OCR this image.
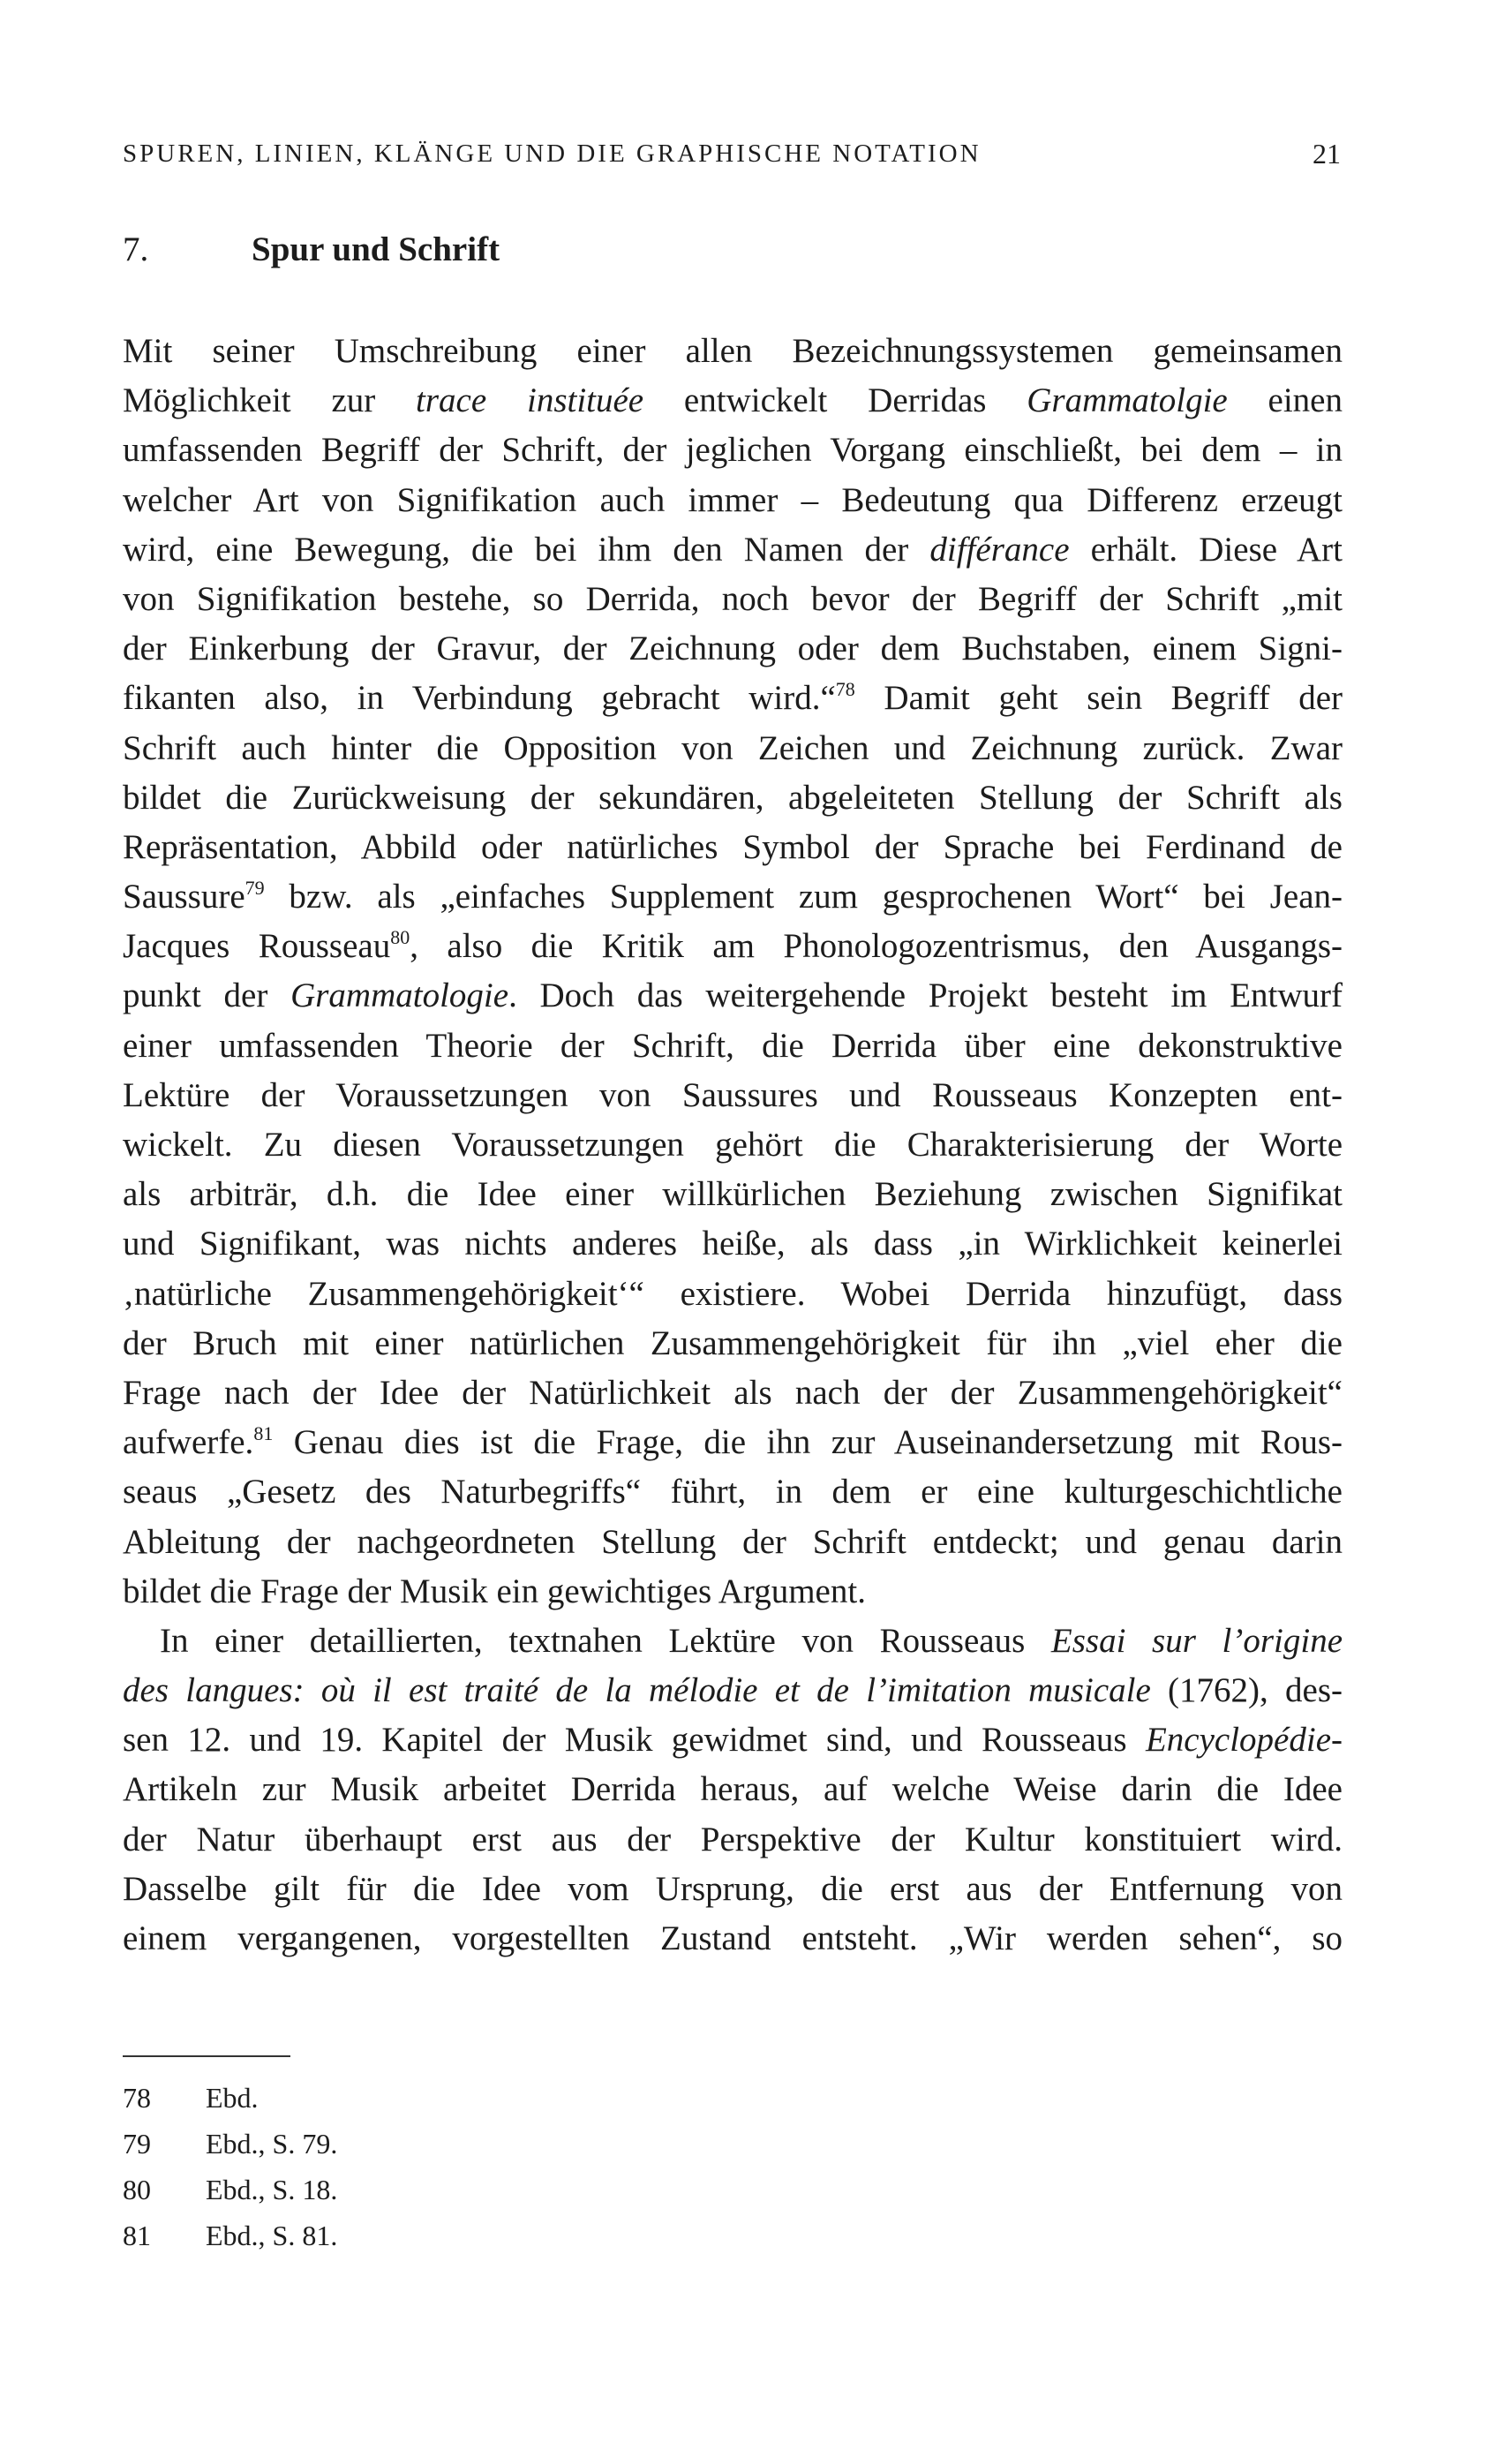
SPUREN, LINIEN, KLÄNGE UND DIE GRAPHISCHE NOTATION	21
7.	Spur und Schrift
Mit seiner Umschreibung einer allen Bezeichnungssystemen gemeinsamen
Möglichkeit zur trace instituée entwickelt Derridas Grammatolgie einen
umfassenden Begriff der Schrift, der jeglichen Vorgang einschließt, bei dem – in
welcher Art von Signifikation auch immer – Bedeutung qua Differenz erzeugt
wird, eine Bewegung, die bei ihm den Namen der différance erhält. Diese Art
von Signifikation bestehe, so Derrida, noch bevor der Begriff der Schrift „mit
der Einkerbung der Gravur, der Zeichnung oder dem Buchstaben, einem Signi-
fikanten also, in Verbindung gebracht wird.“$^{78}$ Damit geht sein Begriff der
Schrift auch hinter die Opposition von Zeichen und Zeichnung zurück. Zwar
bildet die Zurückweisung der sekundären, abgeleiteten Stellung der Schrift als
Repräsentation, Abbild oder natürliches Symbol der Sprache bei Ferdinand de
Saussure$^{79}$ bzw. als „einfaches Supplement zum gesprochenen Wort“ bei Jean-
Jacques Rousseau$^{80}$, also die Kritik am Phonologozentrismus, den Ausgangs-
punkt der Grammatologie. Doch das weitergehende Projekt besteht im Entwurf
einer umfassenden Theorie der Schrift, die Derrida über eine dekonstruktive
Lektüre der Voraussetzungen von Saussures und Rousseaus Konzepten ent-
wickelt. Zu diesen Voraussetzungen gehört die Charakterisierung der Worte
als arbiträr, d.h. die Idee einer willkürlichen Beziehung zwischen Signifikat
und Signifikant, was nichts anderes heiße, als dass „in Wirklichkeit keinerlei
‚natürliche Zusammengehörigkeit‘“ existiere. Wobei Derrida hinzufügt, dass
der Bruch mit einer natürlichen Zusammengehörigkeit für ihn „viel eher die
Frage nach der Idee der Natürlichkeit als nach der der Zusammengehörigkeit“
aufwerfe.$^{81}$ Genau dies ist die Frage, die ihn zur Auseinandersetzung mit Rous-
seaus „Gesetz des Naturbegriffs“ führt, in dem er eine kulturgeschichtliche
Ableitung der nachgeordneten Stellung der Schrift entdeckt; und genau darin
bildet die Frage der Musik ein gewichtiges Argument.
In einer detaillierten, textnahen Lektüre von Rousseaus Essai sur l’origine
des langues: où il est traité de la mélodie et de l’imitation musicale (1762), des-
sen 12. und 19. Kapitel der Musik gewidmet sind, und Rousseaus Encyclopédie-
Artikeln zur Musik arbeitet Derrida heraus, auf welche Weise darin die Idee
der Natur überhaupt erst aus der Perspektive der Kultur konstituiert wird.
Dasselbe gilt für die Idee vom Ursprung, die erst aus der Entfernung von
einem vergangenen, vorgestellten Zustand entsteht. „Wir werden sehen“, so
78 Ebd.
79 Ebd., S. 79.
80 Ebd., S. 18.
81 Ebd., S. 81.
